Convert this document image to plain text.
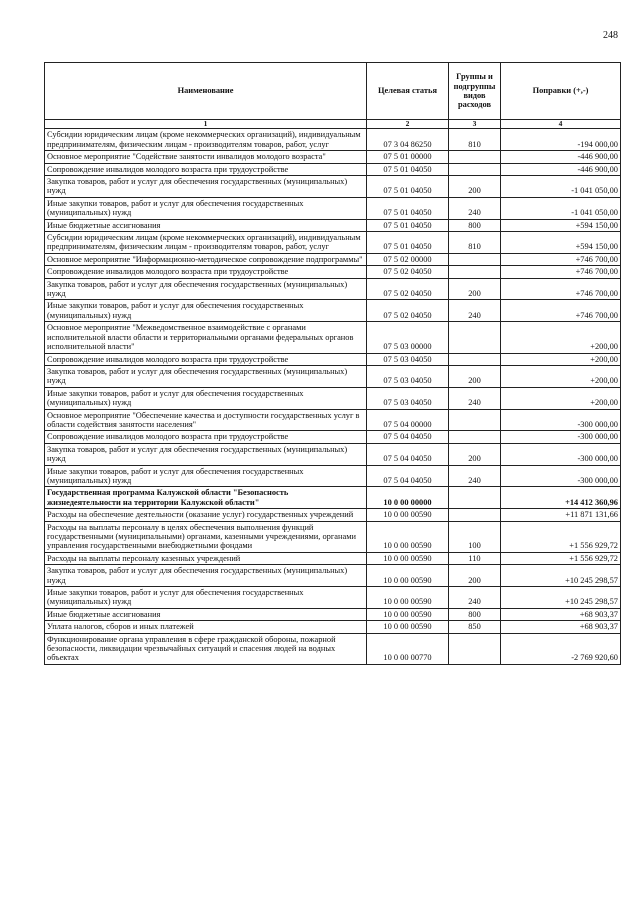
248
Наименование	Целевая статья	Группы и подгруппы видов расходов	Поправки (+,-)
1	2	3	4
Субсидии юридическим лицам (кроме некоммерческих организаций), индивидуальным предпринимателям, физическим лицам - производителям товаров, работ, услуг	07 3 04 86250	810	-194 000,00
Основное мероприятие "Содействие занятости инвалидов молодого возраста"	07 5 01 00000		-446 900,00
Сопровождение инвалидов молодого возраста при трудоустройстве	07 5 01 04050		-446 900,00
Закупка товаров, работ и услуг для обеспечения государственных (муниципальных) нужд	07 5 01 04050	200	-1 041 050,00
Иные закупки товаров, работ и услуг для обеспечения государственных (муниципальных) нужд	07 5 01 04050	240	-1 041 050,00
Иные бюджетные ассигнования	07 5 01 04050	800	+594 150,00
Субсидии юридическим лицам (кроме некоммерческих организаций), индивидуальным предпринимателям, физическим лицам - производителям товаров, работ, услуг	07 5 01 04050	810	+594 150,00
Основное мероприятие "Информационно-методическое сопровождение подпрограммы"	07 5 02 00000		+746 700,00
Сопровождение инвалидов молодого возраста при трудоустройстве	07 5 02 04050		+746 700,00
Закупка товаров, работ и услуг для обеспечения государственных (муниципальных) нужд	07 5 02 04050	200	+746 700,00
Иные закупки товаров, работ и услуг для обеспечения государственных (муниципальных) нужд	07 5 02 04050	240	+746 700,00
Основное мероприятие "Межведомственное взаимодействие с органами исполнительной власти области и территориальными органами федеральных органов исполнительной власти"	07 5 03 00000		+200,00
Сопровождение инвалидов молодого возраста при трудоустройстве	07 5 03 04050		+200,00
Закупка товаров, работ и услуг для обеспечения государственных (муниципальных) нужд	07 5 03 04050	200	+200,00
Иные закупки товаров, работ и услуг для обеспечения государственных (муниципальных) нужд	07 5 03 04050	240	+200,00
Основное мероприятие "Обеспечение качества и доступности государственных услуг в области содействия занятости населения"	07 5 04 00000		-300 000,00
Сопровождение инвалидов молодого возраста при трудоустройстве	07 5 04 04050		-300 000,00
Закупка товаров, работ и услуг для обеспечения государственных (муниципальных) нужд	07 5 04 04050	200	-300 000,00
Иные закупки товаров, работ и услуг для обеспечения государственных (муниципальных) нужд	07 5 04 04050	240	-300 000,00
Государственная программа Калужской области "Безопасность жизнедеятельности на территории Калужской области"	10 0 00 00000		+14 412 360,96
Расходы на обеспечение деятельности (оказание услуг) государственных учреждений	10 0 00 00590		+11 871 131,66
Расходы на выплаты персоналу в целях обеспечения выполнения функций государственными (муниципальными) органами, казенными учреждениями, органами управления государственными внебюджетными фондами	10 0 00 00590	100	+1 556 929,72
Расходы на выплаты персоналу казенных учреждений	10 0 00 00590	110	+1 556 929,72
Закупка товаров, работ и услуг для обеспечения государственных (муниципальных) нужд	10 0 00 00590	200	+10 245 298,57
Иные закупки товаров, работ и услуг для обеспечения государственных (муниципальных) нужд	10 0 00 00590	240	+10 245 298,57
Иные бюджетные ассигнования	10 0 00 00590	800	+68 903,37
Уплата налогов, сборов и иных платежей	10 0 00 00590	850	+68 903,37
Функционирование органа управления в сфере гражданской обороны, пожарной безопасности, ликвидации чрезвычайных ситуаций и спасения людей на водных объектах	10 0 00 00770		-2 769 920,60
